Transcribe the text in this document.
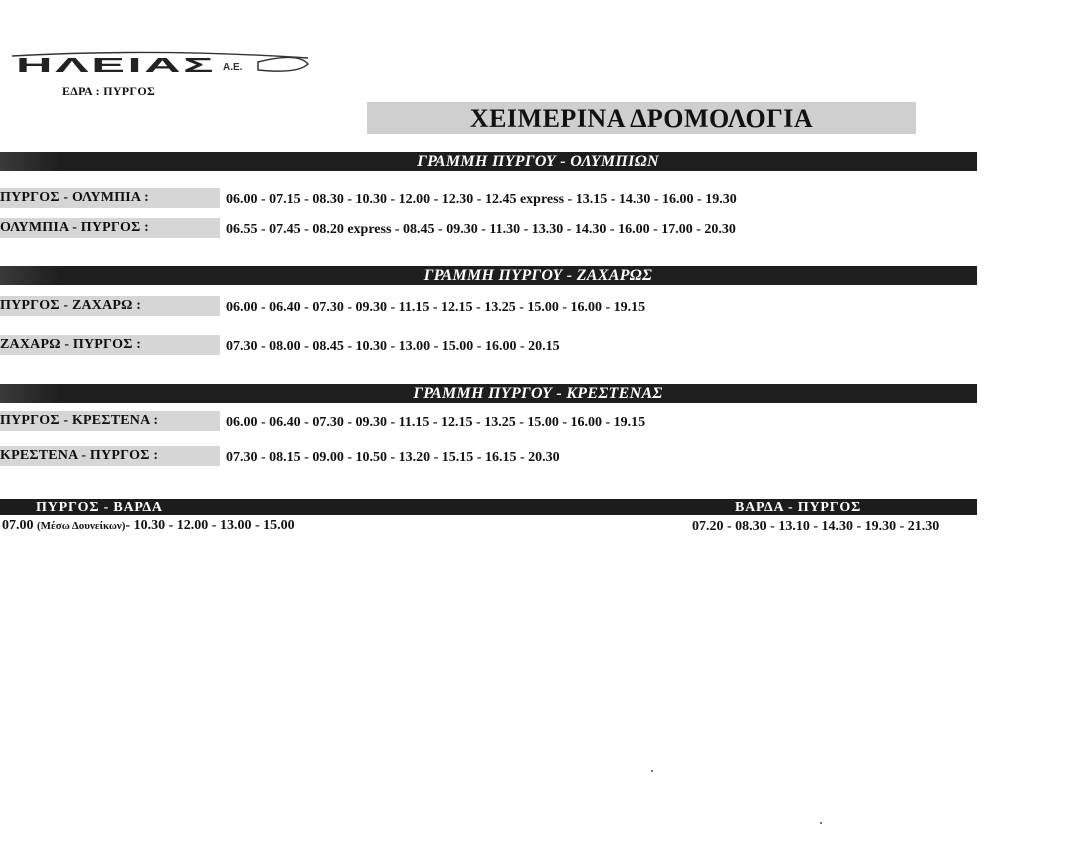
ΗΛΕΙΑΣ Α.Ε.
ΕΔΡΑ : ΠΥΡΓΟΣ
ΧΕΙΜΕΡΙΝΑ ΔΡΟΜΟΛΟΓΙΑ
ΓΡΑΜΜΗ ΠΥΡΓΟΥ - ΟΛΥΜΠΙΩΝ
ΠΥΡΓΟΣ - ΟΛΥΜΠΙΑ :	06.00 - 07.15 - 08.30 - 10.30 - 12.00 - 12.30 - 12.45 express - 13.15 - 14.30 - 16.00 - 19.30
ΟΛΥΜΠΙΑ - ΠΥΡΓΟΣ :	06.55 - 07.45 - 08.20 express - 08.45 - 09.30 - 11.30 - 13.30 - 14.30 - 16.00 - 17.00 - 20.30
ΓΡΑΜΜΗ ΠΥΡΓΟΥ - ΖΑΧΑΡΩΣ
ΠΥΡΓΟΣ - ΖΑΧΑΡΩ :	06.00 - 06.40 - 07.30 - 09.30 - 11.15 - 12.15 - 13.25 - 15.00 - 16.00 - 19.15
ΖΑΧΑΡΩ - ΠΥΡΓΟΣ :	07.30 - 08.00 - 08.45 - 10.30 - 13.00 - 15.00 - 16.00 - 20.15
ΓΡΑΜΜΗ ΠΥΡΓΟΥ - ΚΡΕΣΤΕΝΑΣ
ΠΥΡΓΟΣ - ΚΡΕΣΤΕΝΑ :	06.00 - 06.40 - 07.30 - 09.30 - 11.15 - 12.15 - 13.25 - 15.00 - 16.00 - 19.15
ΚΡΕΣΤΕΝΑ - ΠΥΡΓΟΣ :	07.30 - 08.15 - 09.00 - 10.50 - 13.20 - 15.15 - 16.15 - 20.30
ΠΥΡΓΟΣ - ΒΑΡΔΑ	ΒΑΡΔΑ - ΠΥΡΓΟΣ
07.00 (Μέσω Δουνείκων)- 10.30 - 12.00 - 13.00 - 15.00	07.20 - 08.30 - 13.10 - 14.30 - 19.30 - 21.30
